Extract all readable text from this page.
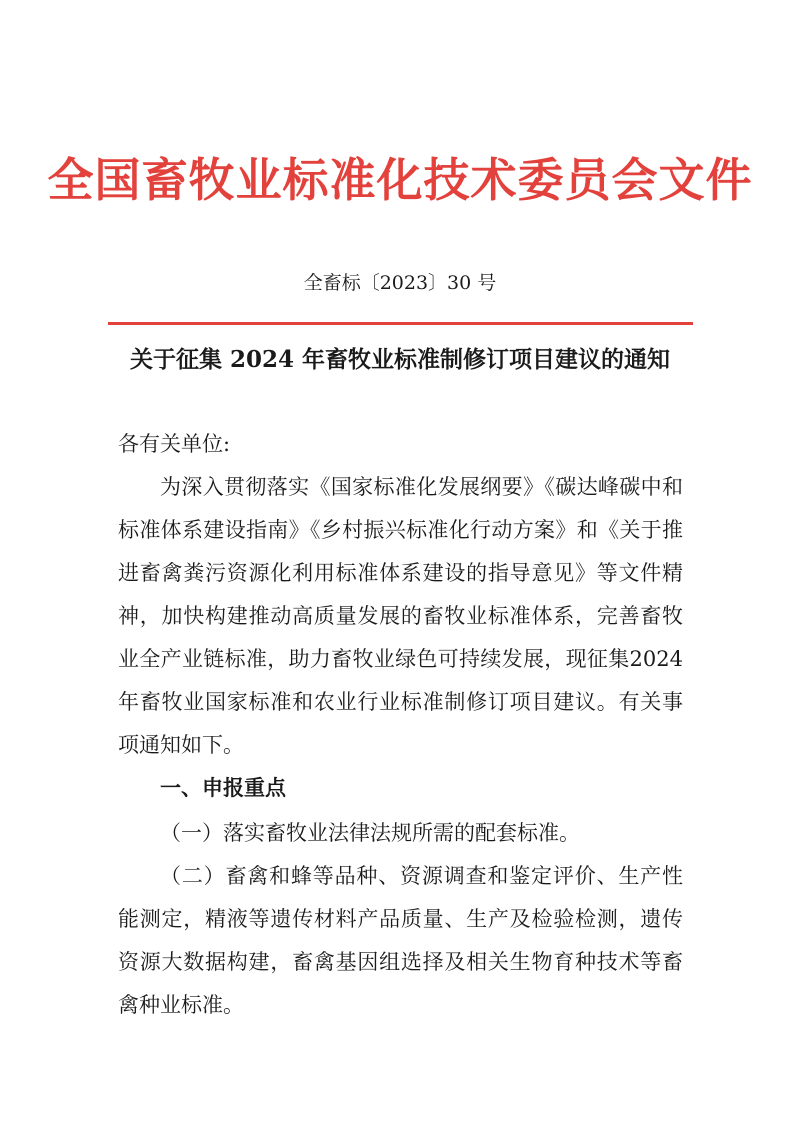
全国畜牧业标准化技术委员会文件
全畜标〔2023〕30 号
关于征集 2024 年畜牧业标准制修订项目建议的通知
各有关单位:
为深入贯彻落实《国家标准化发展纲要》《碳达峰碳中和标准体系建设指南》《乡村振兴标准化行动方案》和《关于推进畜禽粪污资源化利用标准体系建设的指导意见》等文件精神，加快构建推动高质量发展的畜牧业标准体系，完善畜牧业全产业链标准，助力畜牧业绿色可持续发展，现征集2024 年畜牧业国家标准和农业行业标准制修订项目建议。有关事项通知如下。
一、申报重点
（一）落实畜牧业法律法规所需的配套标准。
（二）畜禽和蜂等品种、资源调查和鉴定评价、生产性能测定，精液等遗传材料产品质量、生产及检验检测，遗传资源大数据构建，畜禽基因组选择及相关生物育种技术等畜禽种业标准。
